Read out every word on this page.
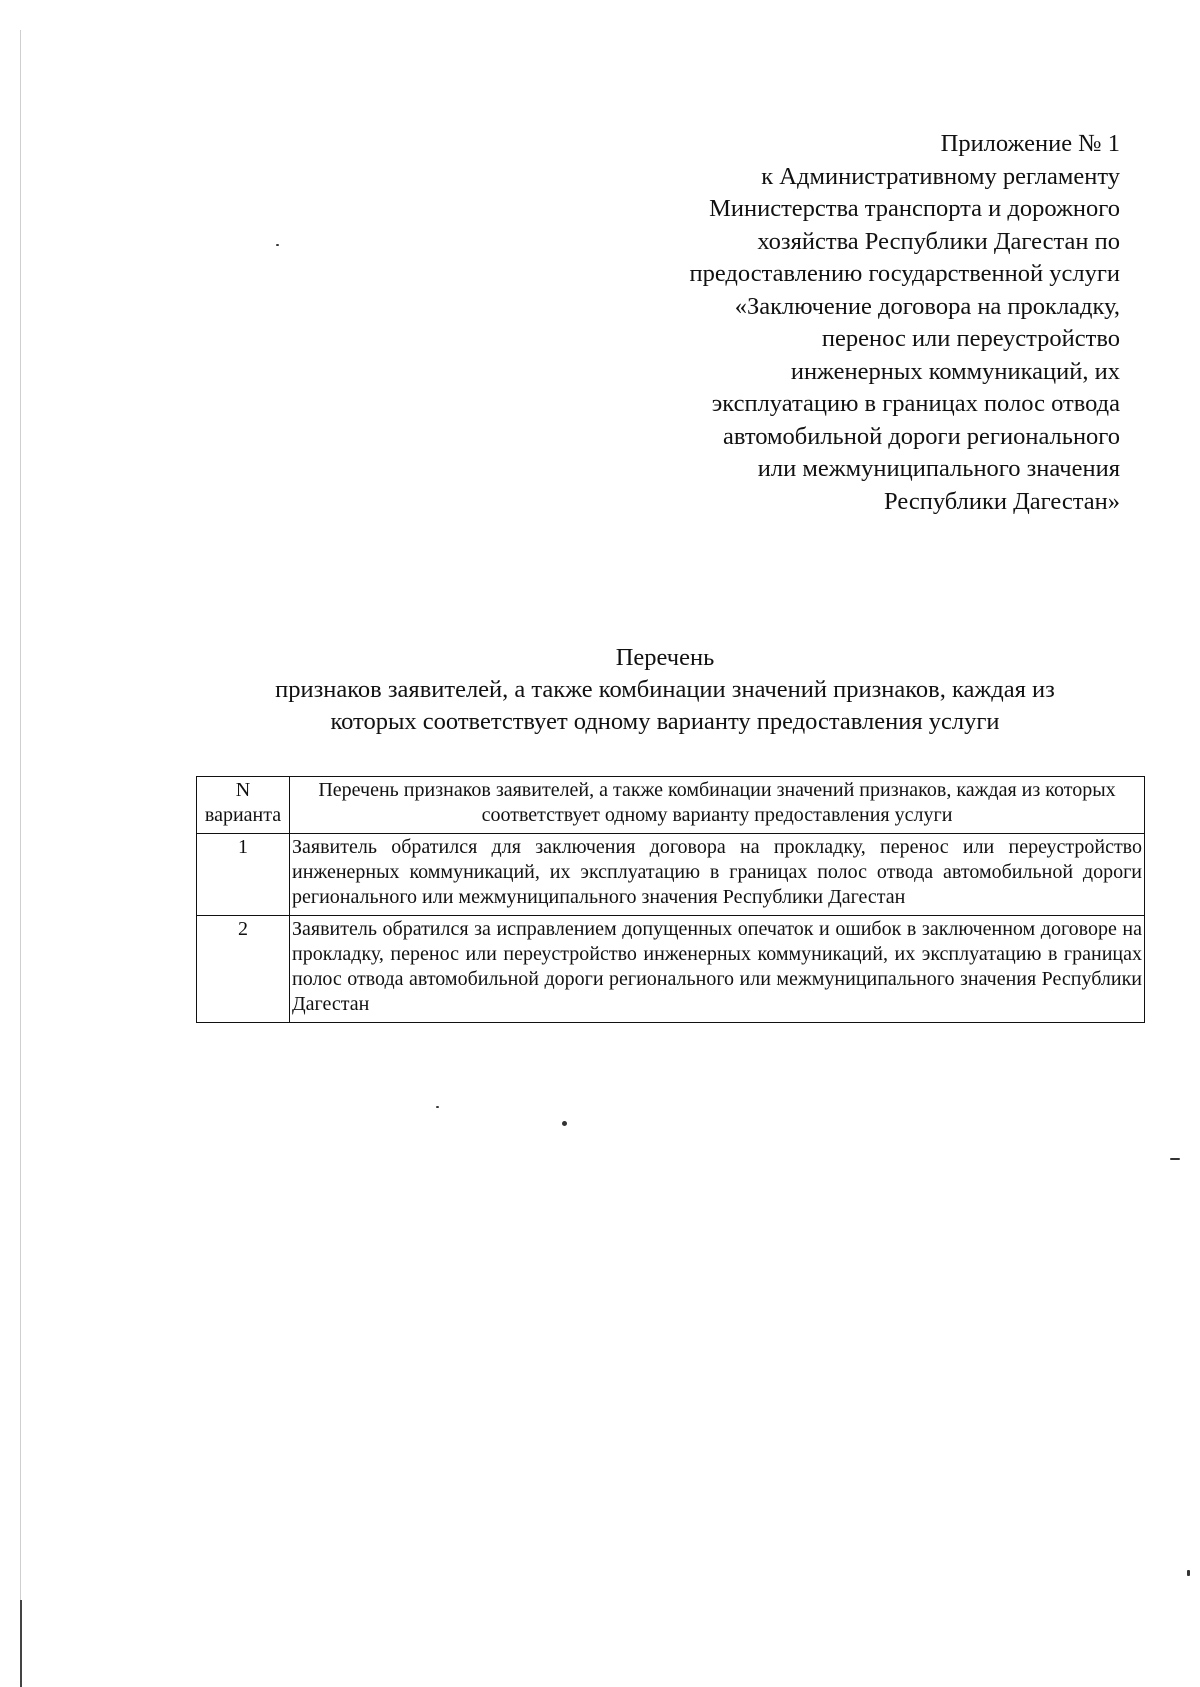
Приложение № 1
к Административному регламенту
Министерства транспорта и дорожного
хозяйства Республики Дагестан по
предоставлению государственной услуги
«Заключение договора на прокладку,
перенос или переустройство
инженерных коммуникаций, их
эксплуатацию в границах полос отвода
автомобильной дороги регионального
или межмуниципального значения
Республики Дагестан»
Перечень
признаков заявителей, а также комбинации значений признаков, каждая из
которых соответствует одному варианту предоставления услуги
N варианта	Перечень признаков заявителей, а также комбинации значений признаков, каждая из которых соответствует одному варианту предоставления услуги
1	Заявитель обратился для заключения договора на прокладку, перенос или переустройство инженерных коммуникаций, их эксплуатацию в границах полос отвода автомобильной дороги регионального или межмуниципального значения Республики Дагестан
2	Заявитель обратился за исправлением допущенных опечаток и ошибок в заключенном договоре на прокладку, перенос или переустройство инженерных коммуникаций, их эксплуатацию в границах полос отвода автомобильной дороги регионального или межмуниципального значения Республики Дагестан
